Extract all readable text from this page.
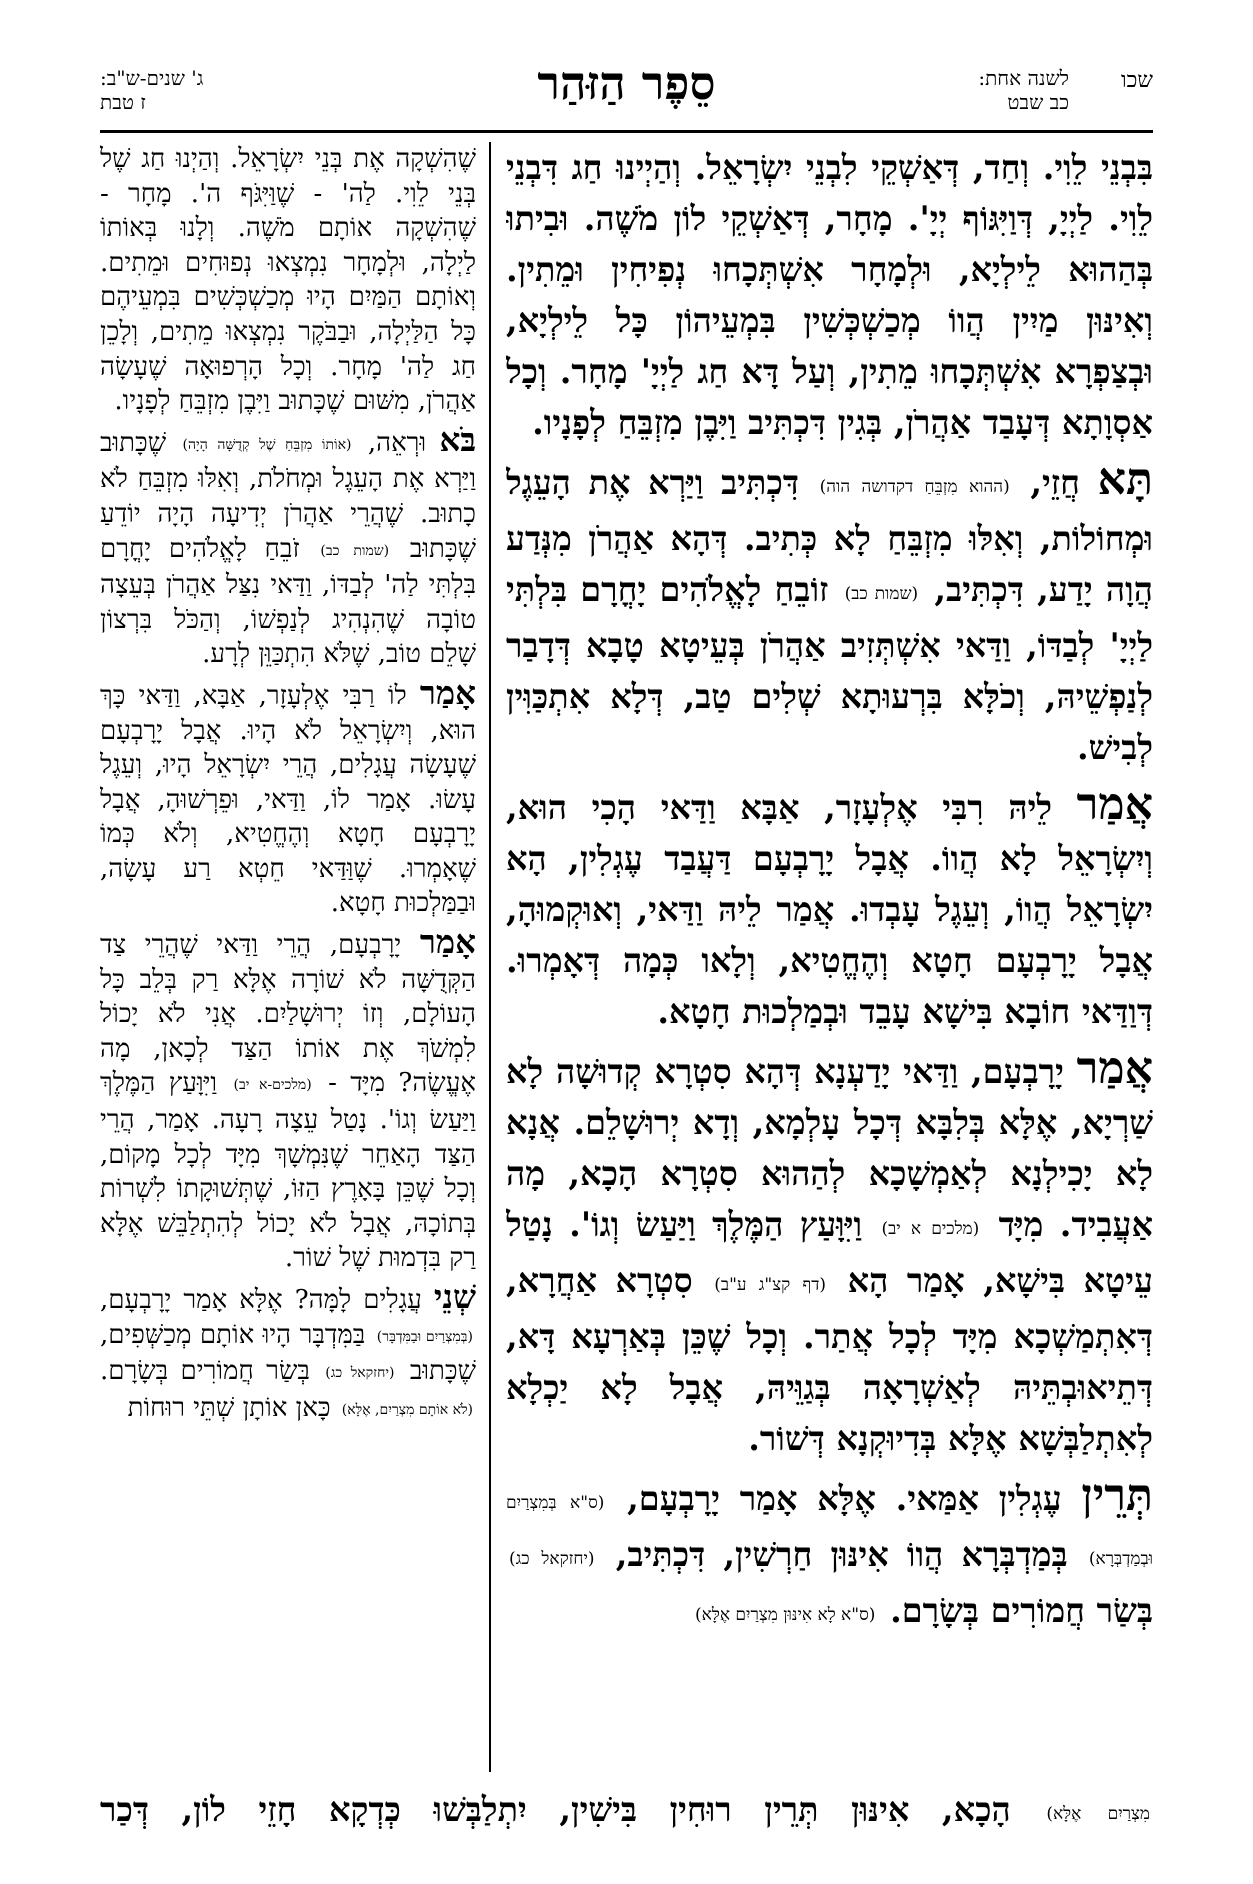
שכו
לשנה אחת:
כב שבט
סֵפֶר הַזּהַר
ג' שנים-ש"ב:
ז טבת

בִּבְנֵי לֵוִי. וְחַד, דְּאַשְׁקֵי לִבְנֵי יִשְׂרָאֵל. וְהַיְינוּ חַג דִּבְנֵי לֵוִי. לַיְיָ, דְּוַיִּגּוֹף יְיָ'. מָחָר, דְּאַשְׁקֵי לוֹן מֹשֶׁה. וּבִיתוּ בְּהַהוּא לֵילְיָא, וּלְמָחָר אִשְׁתְּכָחוּ נְפִיחִין וּמֵתִין. וְאִינּוּן מַיִין הֲווֹ מְכַשְׁכְּשִׁין בִּמְעֵיהוֹן כָּל לֵילְיָא, וּבְצַפְרָא אִשְׁתְּכָחוּ מֵתִין, וְעַל דָּא חַג לַיְיָ' מָחָר. וְכָל אַסְוָתָא דְּעָבַד אַהֲרֹן, בְּגִין דִּכְתִּיב וַיִּבֶן מִזְבֵּחַ לְפָנָיו.

תָּא חֲזֵי, (ההוא מִזְבֵּחַ דקדושה הוה) דִּכְתִּיב וַיַּרְא אֶת הָעֵגֶל וּמְחוֹלוֹת, וְאִלּוּ מִזְבֵּחַ לָא כְּתִיב. דְּהָא אַהֲרֹן מִנְּדַע הֲוָה יָדַע, דִּכְתִּיב, (שמות כב) זוֹבֵחַ לָאֱלֹהִים יָחֳרָם בִּלְתִּי לַיְיָ' לְבַדּוֹ, וַדַּאי אִשְׁתְּזִיב אַהֲרֹן בְּעֵיטָא טָבָא דְּדָבַר לְנַפְשֵׁיהּ, וְכֹלָּא בִּרְעוּתָא שְׁלִים טַב, דְּלָא אִתְכַּוִּין לְבִישׁ.

אֲמַר לֵיהּ רִבִּי אֶלְעָזָר, אַבָּא וַדַּאי הָכִי הוּא, וְיִשְׂרָאֵל לָא הֲווֹ. אֲבָל יָרָבְעָם דַּעֲבַד עֶגְלִין, הָא יִשְׂרָאֵל הֲווֹ, וְעֵגֶל עָבְדוּ. אֲמַר לֵיהּ וַדַּאי, וְאוּקְמוּהָ, אֲבָל יָרָבְעָם חָטָא וְהֶחֱטִיא, וְלָאו כְּמָה דְּאָמְרוּ. דְּוַדַּאי חוֹבָא בִּישָׁא עָבֵד וּבְמַלְכוּת חָטָא.

אֲמַר יָרָבְעָם, וַדַּאי יָדַעְנָא דְּהָא סִטְרָא קְדוּשָׁה לָא שַׁרְיָא, אֶלָּא בְּלִבָּא דְּכָל עָלְמָא, וְדָא יְרוּשָׁלֵם. אֲנָא לָא יָכִילְנָא לְאַמְשָׁכָא לְהַהוּא סִטְרָא הָכָא, מָה אַעֲבִיד. מִיָּד (מלכים א יב) וַיִּוָּעַץ הַמֶּלֶךְ וַיַּעַשׂ וְגוֹ'. נָטַל עֵיטָא בִּישָׁא, אָמַר הָא (דף קצ"ג ע"ב) סִטְרָא אַחֲרָא, דְּאִתְמַשְׁכָא מִיָּד לְכָל אֲתַר. וְכָל שֶׁכֵּן בְּאַרְעָא דָּא, דְּתֵיאוּבְתֵּיהּ לְאַשְׁרָאָה בְּגַוֵּיהּ, אֲבָל לָא יַכְלָא לְאִתְלַבְּשָׁא אֶלָּא בְּדִיוּקְנָא דְּשׁוֹר.

תְּרֵין עֶגְלִין אַמַּאי. אֶלָּא אָמַר יָרָבְעָם, (ס"א בְּמִצְרַיִם וּבְמַדְבְּרָא) בְּמַדְבְּרָא הֲווֹ אִינּוּן חַרְשִׁין, דִּכְתִּיב, (יחזקאל כג) בְּשַׂר חֲמוֹרִים בְּשָׂרָם. (ס"א לָא אִינּוּן מִצְרַיִם אֶלָּא)

שֶׁהִשְׁקָה אֶת בְּנֵי יִשְׂרָאֵל. וְהַיְנוּ חַג שֶׁל בְּנֵי לֵוִי. לַה' - שֶׁוַּיִּגֹּף ה'. מָחָר - שֶׁהִשְׁקָה אוֹתָם מֹשֶׁה. וְלָנוּ בְּאוֹתוֹ לַיְלָה, וּלְמָחָר נִמְצְאוּ נְפוּחִים וּמֵתִים. וְאוֹתָם הַמַּיִם הָיוּ מְכַשְׁכְּשִׁים בִּמְעֵיהֶם כָּל הַלַּיְלָה, וּבַבֹּקֶר נִמְצְאוּ מֵתִים, וְלָכֵן חַג לַה' מָחָר. וְכָל הָרְפוּאָה שֶׁעָשָׂה אַהֲרֹן, מִשּׁוּם שֶׁכָּתוּב וַיִּבֶן מִזְבֵּחַ לְפָנָיו.

בֹּא וּרְאֵה, (אוֹתוֹ מִזְבֵּחַ שֶׁל קְדֻשָּׁה הָיָה) שֶׁכָּתוּב וַיַּרְא אֶת הָעֵגֶל וּמְחֹלֹת, וְאִלּוּ מִזְבֵּחַ לֹא כָתוּב. שֶׁהֲרֵי אַהֲרֹן יְדִיעָה הָיָה יוֹדֵעַ שֶׁכָּתוּב (שמות כב) זֹבֵחַ לָאֱלֹהִים יָחֳרָם בִּלְתִּי לַה' לְבַדּוֹ, וַדַּאי נִצַּל אַהֲרֹן בְּעֵצָה טוֹבָה שֶׁהִנְהִיג לְנַפְשׁוֹ, וְהַכֹּל בִּרְצוֹן שָׁלֵם טוֹב, שֶׁלֹּא הִתְכַּוֵּן לְרָע.

אָמַר לוֹ רַבִּי אֶלְעָזָר, אַבָּא, וַדַּאי כָּךְ הוּא, וְיִשְׂרָאֵל לֹא הָיוּ. אֲבָל יָרָבְעָם שֶׁעָשָׂה עֲגָלִים, הֲרֵי יִשְׂרָאֵל הָיוּ, וְעֵגֶל עָשׂוּ. אָמַר לוֹ, וַדַּאי, וּפֵרְשׁוּהָ, אֲבָל יָרָבְעָם חָטָא וְהֶחֱטִיא, וְלֹא כְּמוֹ שֶׁאָמְרוּ. שֶׁוַּדַּאי חֵטְא רַע עָשָׂה, וּבַמַּלְכוּת חָטָא.

אָמַר יָרָבְעָם, הֲרֵי וַדַּאי שֶׁהֲרֵי צַד הַקְּדֻשָּׁה לֹא שׁוֹרָה אֶלָּא רַק בְּלֵב כָּל הָעוֹלָם, וְזוֹ יְרוּשָׁלַיִם. אֲנִי לֹא יָכוֹל לִמְשֹׁךְ אֶת אוֹתוֹ הַצַּד לְכָאן, מָה אֶעֱשֶׂה? מִיָּד - (מלכים-א יב) וַיִּוָּעַץ הַמֶּלֶךְ וַיַּעַשׂ וְגוֹ'. נָטַל עֵצָה רָעָה. אָמַר, הֲרֵי הַצַּד הָאַחֵר שֶׁנִּמְשָׁךְ מִיָּד לְכָל מָקוֹם, וְכָל שֶׁכֵּן בָּאָרֶץ הַזּוֹ, שֶׁתְּשׁוּקָתוֹ לִשְׁרוֹת בְּתוֹכָהּ, אֲבָל לֹא יָכוֹל לְהִתְלַבֵּשׁ אֶלָּא רַק בִּדְמוּת שֶׁל שׁוֹר.

שְׁנֵי עֲגָלִים לָמָּה? אֶלָּא אָמַר יָרָבְעָם, (בְּמִצְרַיִם וּבַמִּדְבָּר) בַּמִּדְבָּר הָיוּ אוֹתָם מְכַשְּׁפִים, שֶׁכָּתוּב (יחזקאל כג) בְּשַׂר חֲמוֹרִים בְּשָׂרָם. (לֹא אוֹתָם מִצְרַיִם, אֶלָּא) כָּאן אוֹתָן שְׁתֵּי רוּחוֹת

מִצְרַיִם אֶלָּא) הָכָא, אִינּוּן תְּרֵין רוּחִין בִּישִׁין, יִתְלַבְּשׁוּ כְּדְקָא חָזֵי לוֹן, דְּכַר
